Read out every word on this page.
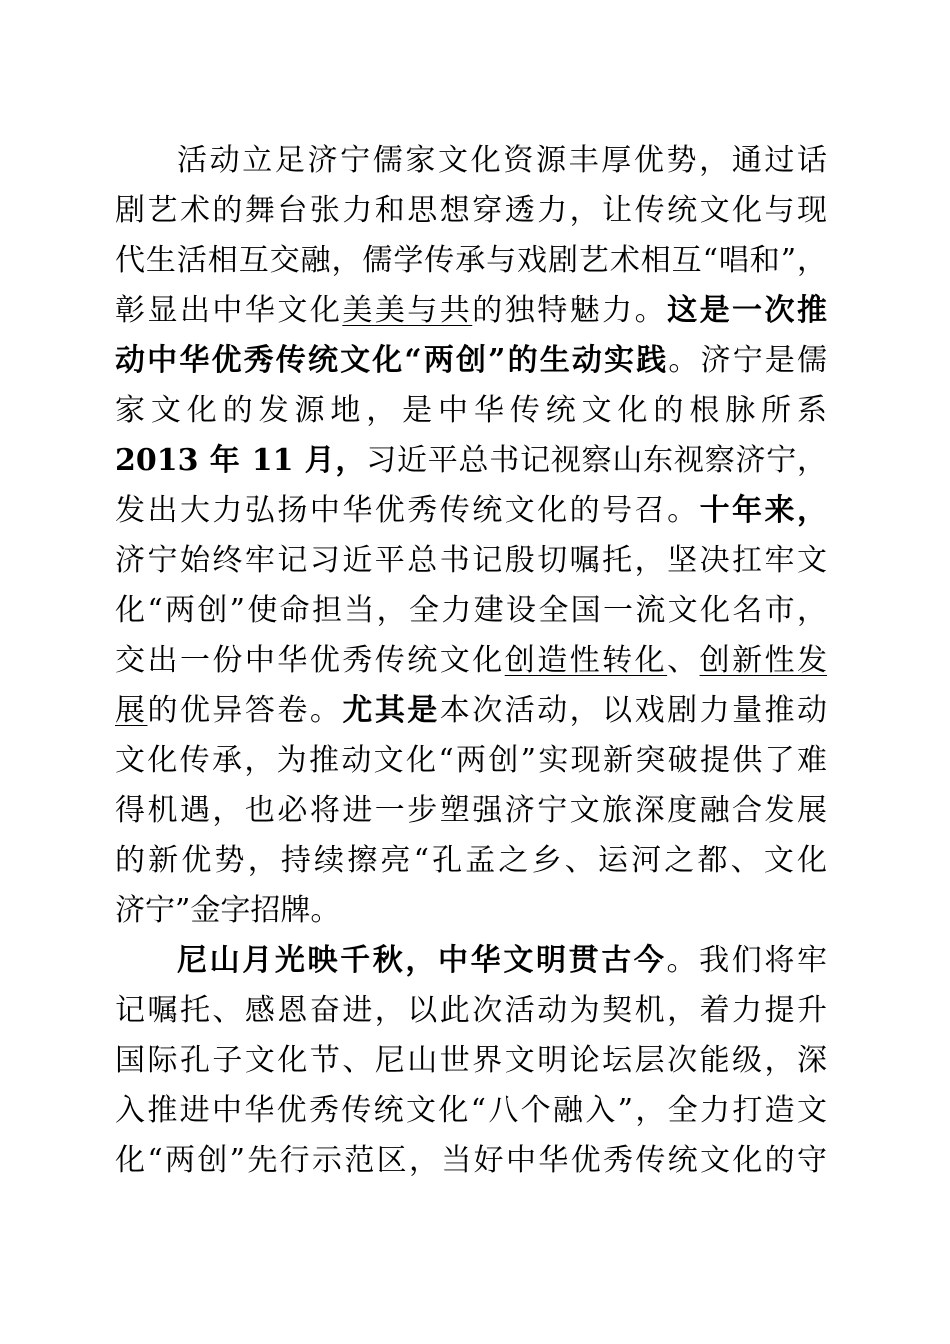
活动立足济宁儒家文化资源丰厚优势，通过话
剧艺术的舞台张力和思想穿透力，让传统文化与现
代生活相互交融，儒学传承与戏剧艺术相互“唱和”，
彰显出中华文化美美与共的独特魅力。这是一次推
动中华优秀传统文化“两创”的生动实践。济宁是儒
家文化的发源地，是中华传统文化的根脉所系
2013 年 11 月，习近平总书记视察山东视察济宁，
发出大力弘扬中华优秀传统文化的号召。十年来，
济宁始终牢记习近平总书记殷切嘱托，坚决扛牢文
化“两创”使命担当，全力建设全国一流文化名市，
交出一份中华优秀传统文化创造性转化、创新性发
展的优异答卷。尤其是本次活动，以戏剧力量推动
文化传承，为推动文化“两创”实现新突破提供了难
得机遇，也必将进一步塑强济宁文旅深度融合发展
的新优势，持续擦亮“孔孟之乡、运河之都、文化
济宁”金字招牌。
尼山月光映千秋，中华文明贯古今。我们将牢
记嘱托、感恩奋进，以此次活动为契机，着力提升
国际孔子文化节、尼山世界文明论坛层次能级，深
入推进中华优秀传统文化“八个融入”，全力打造文
化“两创”先行示范区，当好中华优秀传统文化的守
